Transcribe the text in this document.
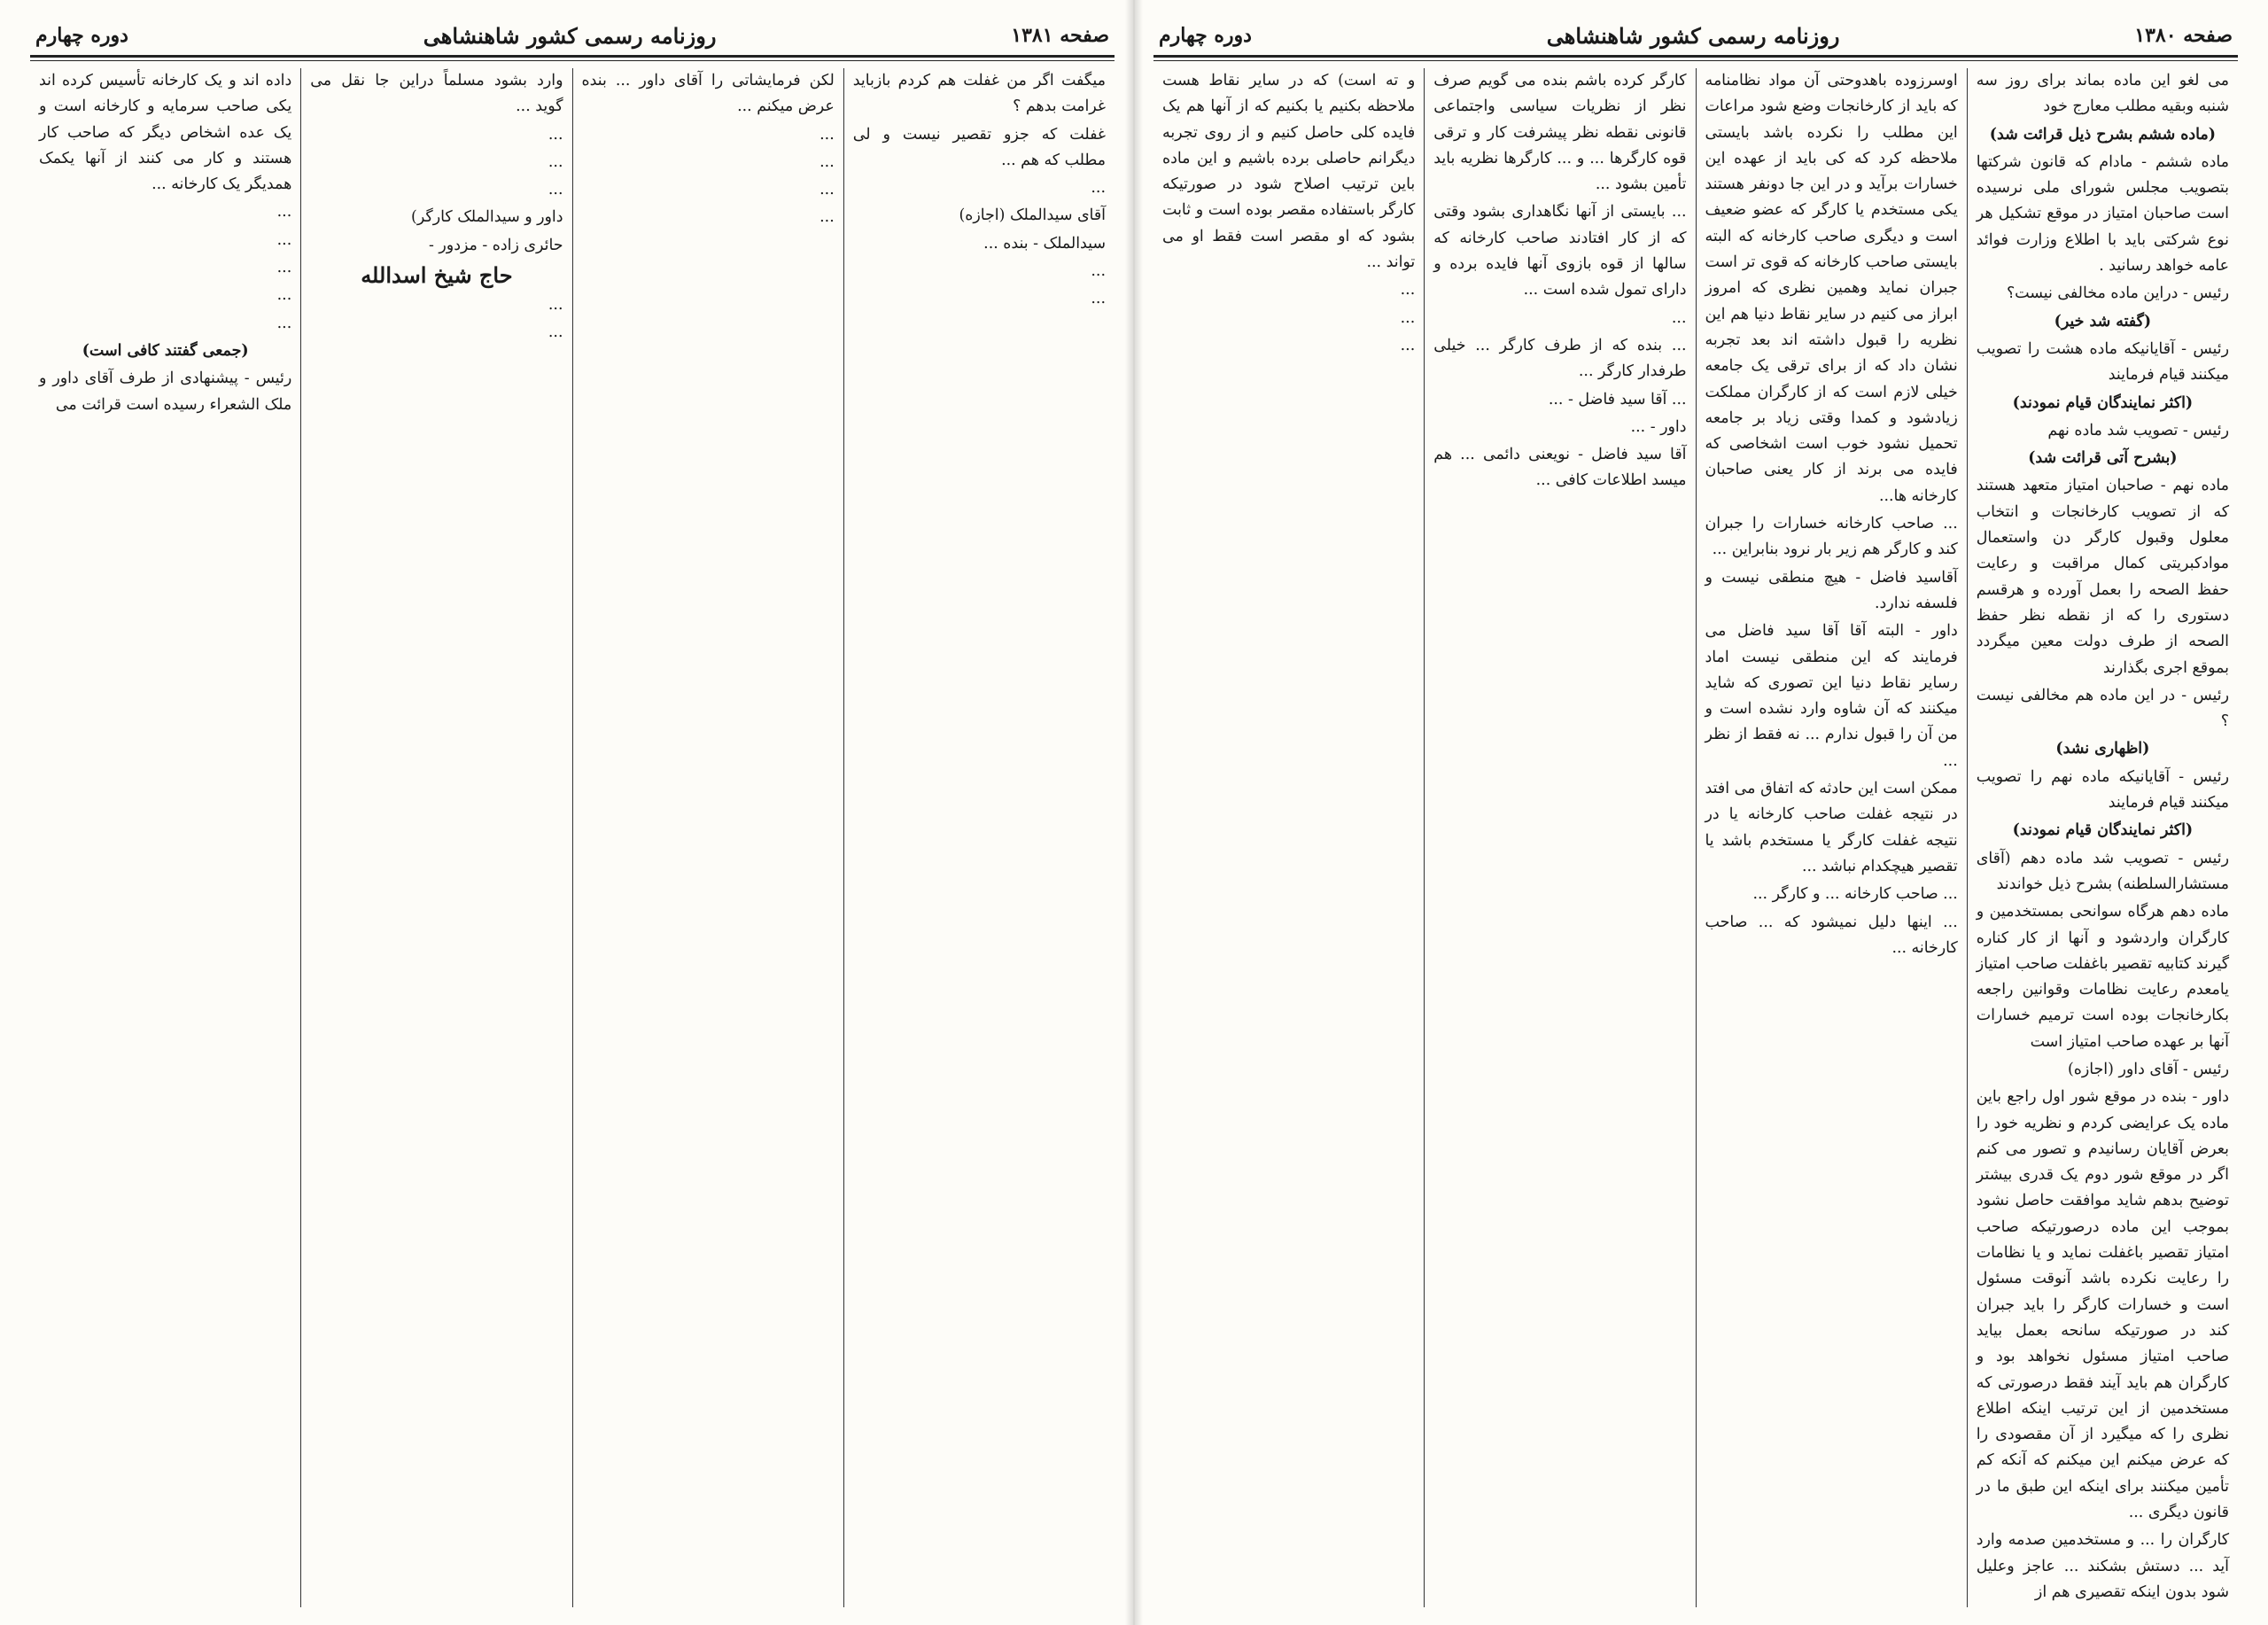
صفحه ۱۳۸۰
روزنامه رسمی کشور شاهنشاهی
دوره چهارم

می لغو این ماده بماند برای روز سه شنبه وبقیه مطلب معارج خود

(ماده ششم بشرح ذیل قرائت شد)

ماده ششم - مادام که قانون شرکتها بتصویب مجلس شورای ملی نرسیده است صاحبان امتیاز در موقع تشکیل هر نوع شرکتی باید با اطلاع وزارت فوائد عامه خواهد رسانید .

رئیس - دراین ماده مخالفی نیست؟

(گفته شد خیر)

رئیس - آقایانیکه ماده هشت را تصویب میکنند قیام فرمایند

(اکثر نمایندگان قیام نمودند)

رئیس - تصویب شد ماده نهم

(بشرح آتی قرائت شد)

ماده نهم - صاحبان امتیاز متعهد هستند که از تصویب کارخانجات و انتخاب معلول وقبول کارگر دن واستعمال موادکبریتی کمال مراقبت و رعایت حفظ الصحه را بعمل آورده و هرقسم دستوری را که از نقطه نظر حفظ الصحه از طرف دولت معین میگردد بموقع اجری بگذارند

رئیس - در این ماده هم مخالفی نیست ؟

(اظهاری نشد)

رئیس - آقایانیکه ماده نهم را تصویب میکنند قیام فرمایند

(اکثر نمایندگان قیام نمودند)

رئیس - تصویب شد ماده دهم (آقای مستشارالسلطنه) بشرح ذیل خواندند

ماده دهم هرگاه سوانحی بمستخدمین و کارگران واردشود و آنها از کار کناره گیرند کتابیه تقصیر باغفلت صاحب امتیاز یامعدم رعایت نظامات وقوانین راجعه بکارخانجات بوده است ترمیم خسارات آنها بر عهده صاحب امتیاز است

رئیس - آقای داور (اجازه)

داور - بنده در موقع شور اول راجع باین ماده یک عرایضی کردم و نظریه خود را بعرض آقایان رسانیدم و تصور می کنم اگر در موقع شور دوم یک قدری بیشتر توضیح بدهم شاید موافقت حاصل نشود بموجب این ماده درصورتیکه صاحب امتیاز تقصیر باغفلت نماید و یا نظامات را رعایت نکرده باشد آنوقت مسئول است و خسارات کارگر را باید جبران کند در صورتیکه سانحه بعمل بیاید صاحب امتیاز مسئول نخواهد بود و کارگران هم باید آیند فقط درصورتی که مستخدمین از این ترتیب اینکه اطلاع نظری را که میگیرد از آن مقصودی را که عرض میکنم این میکنم که آنکه کم تأمین میکنند برای اینکه این طبق ما در قانون دیگری ...

کارگران را ... و مستخدمین صدمه وارد آید ... دستش بشکند ... عاجز وعلیل شود بدون اینکه تقصیری هم از

اوسرزوده باهدوحتی آن مواد نظامنامه که باید از کارخانجات وضع شود مراعات این مطلب را نکرده باشد بایستی ملاحظه کرد که کی باید از عهده این خسارات برآید و در این جا دونفر هستند یکی مستخدم یا کارگر که عضو ضعیف است و دیگری صاحب کارخانه که البته بایستی صاحب کارخانه که قوی تر است جبران نماید وهمین نظری که امروز ابراز می کنیم در سایر نقاط دنیا هم این نظریه را قبول داشته اند بعد تجربه نشان داد که از برای ترقی یک جامعه خیلی لازم است که از کارگران مملکت زیادشود و کمدا وقتی زیاد بر جامعه تحمیل نشود خوب است اشخاصی که فایده می برند از کار یعنی صاحبان کارخانه ها...

... صاحب کارخانه خسارات را جبران کند و کارگر هم زیر بار نرود بنابراین ...

آقاسید فاضل - هیچ منطقی نیست و فلسفه ندارد.

داور - البته آقا آقا سید فاضل می فرمایند که این منطقی نیست اماد رسایر نقاط دنیا این تصوری که شاید میکنند که آن شاوه وارد نشده است و من آن را قبول ندارم ... نه فقط از نظر ...

ممکن است این حادثه که اتفاق می افتد در نتیجه غفلت صاحب کارخانه یا در نتیجه غفلت کارگر یا مستخدم باشد یا تقصیر هیچکدام نباشد ...

... صاحب کارخانه ... و کارگر ...

... اینها دلیل نمیشود که ... صاحب کارخانه ...

کارگر کرده باشم بنده می گویم صرف نظر از نظریات سیاسی واجتماعی قانونی نقطه نظر پیشرفت کار و ترقی قوه کارگرها ... و ... کارگرها نظریه باید تأمین بشود ...

... بایستی از آنها نگاهداری بشود وقتی که از کار افتادند صاحب کارخانه که سالها از قوه بازوی آنها فایده برده و دارای تمول شده است ...

...

... بنده که از طرف کارگر ... خیلی طرفدار کارگر ...

... آقا سید فاضل - ...

داور - ...

آقا سید فاضل - نویعنی دائمی ... هم میسد اطلاعات کافی ...

و ته است) که در سایر نقاط هست ملاحظه بکنیم یا بکنیم که از آنها هم یک فایده کلی حاصل کنیم و از روی تجربه دیگرانم حاصلی برده باشیم و این ماده باین ترتیب اصلاح شود در صورتیکه کارگر باستفاده مقصر بوده است و ثابت بشود که او مقصر است فقط او می تواند ...

...

...

...

صفحه ۱۳۸۱
روزنامه رسمی کشور شاهنشاهی
دوره چهارم

میگفت اگر من غفلت هم کردم بازباید غرامت بدهم ؟

غفلت که جزو تقصیر نیست و لی مطلب که هم ...

...

آقای سیدالملک (اجازه)

سیدالملک - بنده ...

...

...

لکن فرمایشاتی را آقای داور ... بنده عرض میکنم ...

...

...

...

...

وارد بشود مسلماً دراین جا نقل می گوید ...

...

...

...

داور و سیدالملک کارگر)

حائری زاده - مزدور -

حاج شیخ اسدالله

...

...

داده اند و یک کارخانه تأسیس کرده اند یکی صاحب سرمایه و کارخانه است و یک عده اشخاص دیگر که صاحب کار هستند و کار می کنند از آنها یکمک همدیگر یک کارخانه ...

...

...

...

...

...

(جمعی گفتند کافی است)

رئیس - پیشنهادی از طرف آقای داور و ملک الشعراء رسیده است قرائت می
